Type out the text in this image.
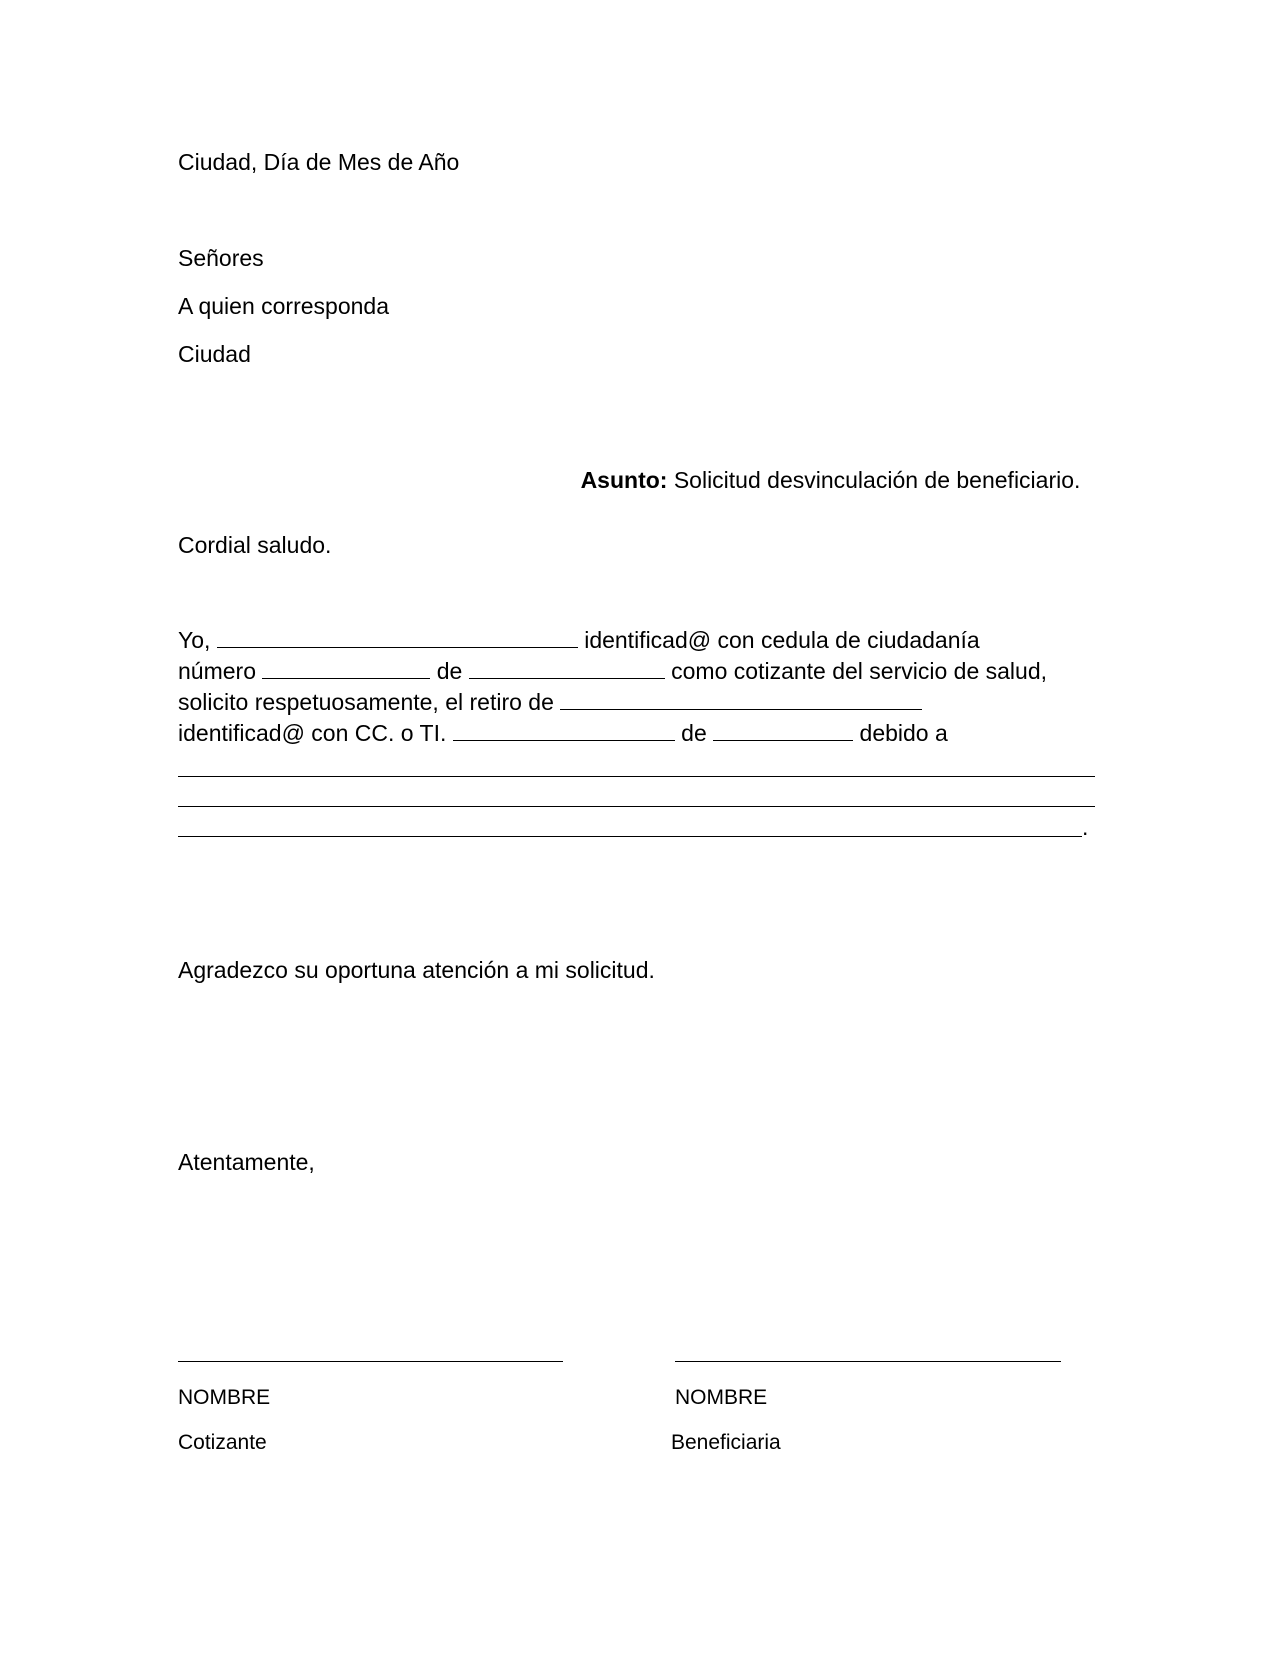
Ciudad, Día de Mes de Año

Señores

A quien corresponda

Ciudad

Asunto: Solicitud desvinculación de beneficiario.

Cordial saludo.

Yo,	identificad@ con cedula de ciudadanía

número	de	como cotizante del servicio de salud,

solicito respetuosamente, el retiro de

identificad@ con CC. o TI.	de	debido a

.

Agradezco su oportuna atención a mi solicitud.

Atentamente,

NOMBRE	NOMBRE

Cotizante	Beneficiaria
